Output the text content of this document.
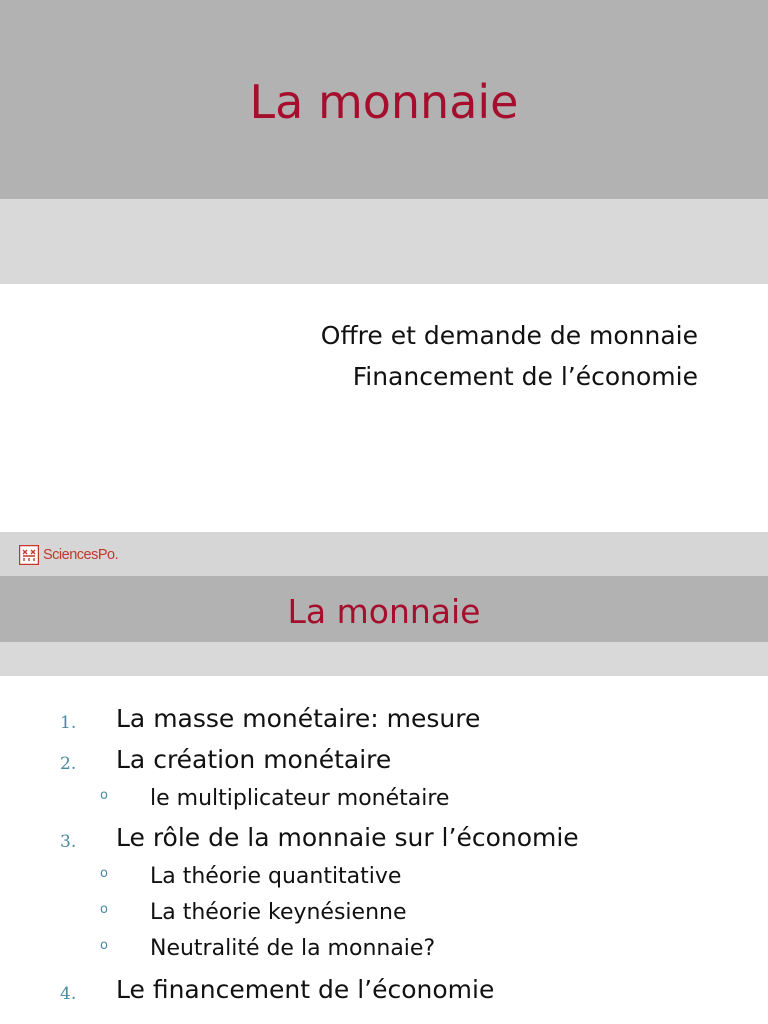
La monnaie
Offre et demande de monnaie
Financement de l’économie
SciencesPo.
La monnaie
1.	La masse monétaire: mesure
2.	La création monétaire
o le multiplicateur monétaire
3.	Le rôle de la monnaie sur l’économie
o La théorie quantitative
o La théorie keynésienne
o Neutralité de la monnaie?
4.	Le financement de l’économie
